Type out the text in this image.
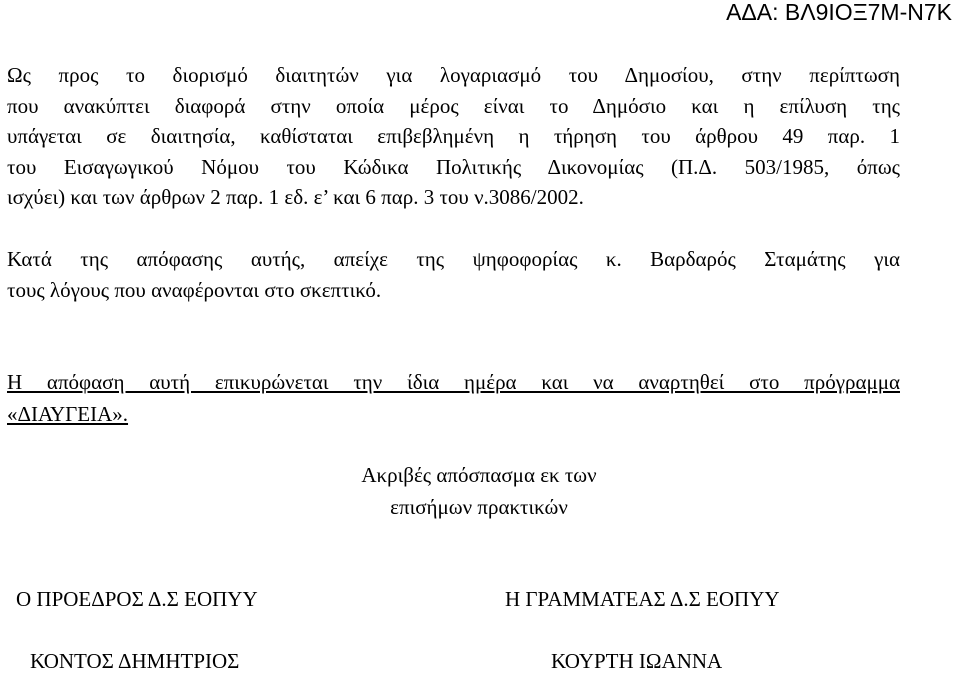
ΑΔΑ: ΒΛ9ΙΟΞ7Μ-Ν7Κ
Ως προς το διορισμό διαιτητών για λογαριασμό του Δημοσίου, στην περίπτωση
που ανακύπτει διαφορά στην οποία μέρος είναι το Δημόσιο και η επίλυση της
υπάγεται σε διαιτησία, καθίσταται επιβεβλημένη η τήρηση του άρθρου 49 παρ. 1
του Εισαγωγικού Νόμου του Κώδικα Πολιτικής Δικονομίας (Π.Δ. 503/1985, όπως
ισχύει) και των άρθρων 2 παρ. 1 εδ. ε’ και 6 παρ. 3 του ν.3086/2002.
Κατά της απόφασης αυτής, απείχε της ψηφοφορίας κ. Βαρδαρός Σταμάτης για
τους λόγους που αναφέρονται στο σκεπτικό.
Η απόφαση αυτή επικυρώνεται την ίδια ημέρα και να αναρτηθεί στο πρόγραμμα
«ΔΙΑΥΓΕΙΑ».
Ακριβές απόσπασμα εκ των
επισήμων πρακτικών
Ο ΠΡΟΕΔΡΟΣ Δ.Σ ΕΟΠΥΥ
ΚΟΝΤΟΣ ΔΗΜΗΤΡΙΟΣ
Η ΓΡΑΜΜΑΤΕΑΣ Δ.Σ ΕΟΠΥΥ
ΚΟΥΡΤΗ ΙΩΑΝΝΑ
